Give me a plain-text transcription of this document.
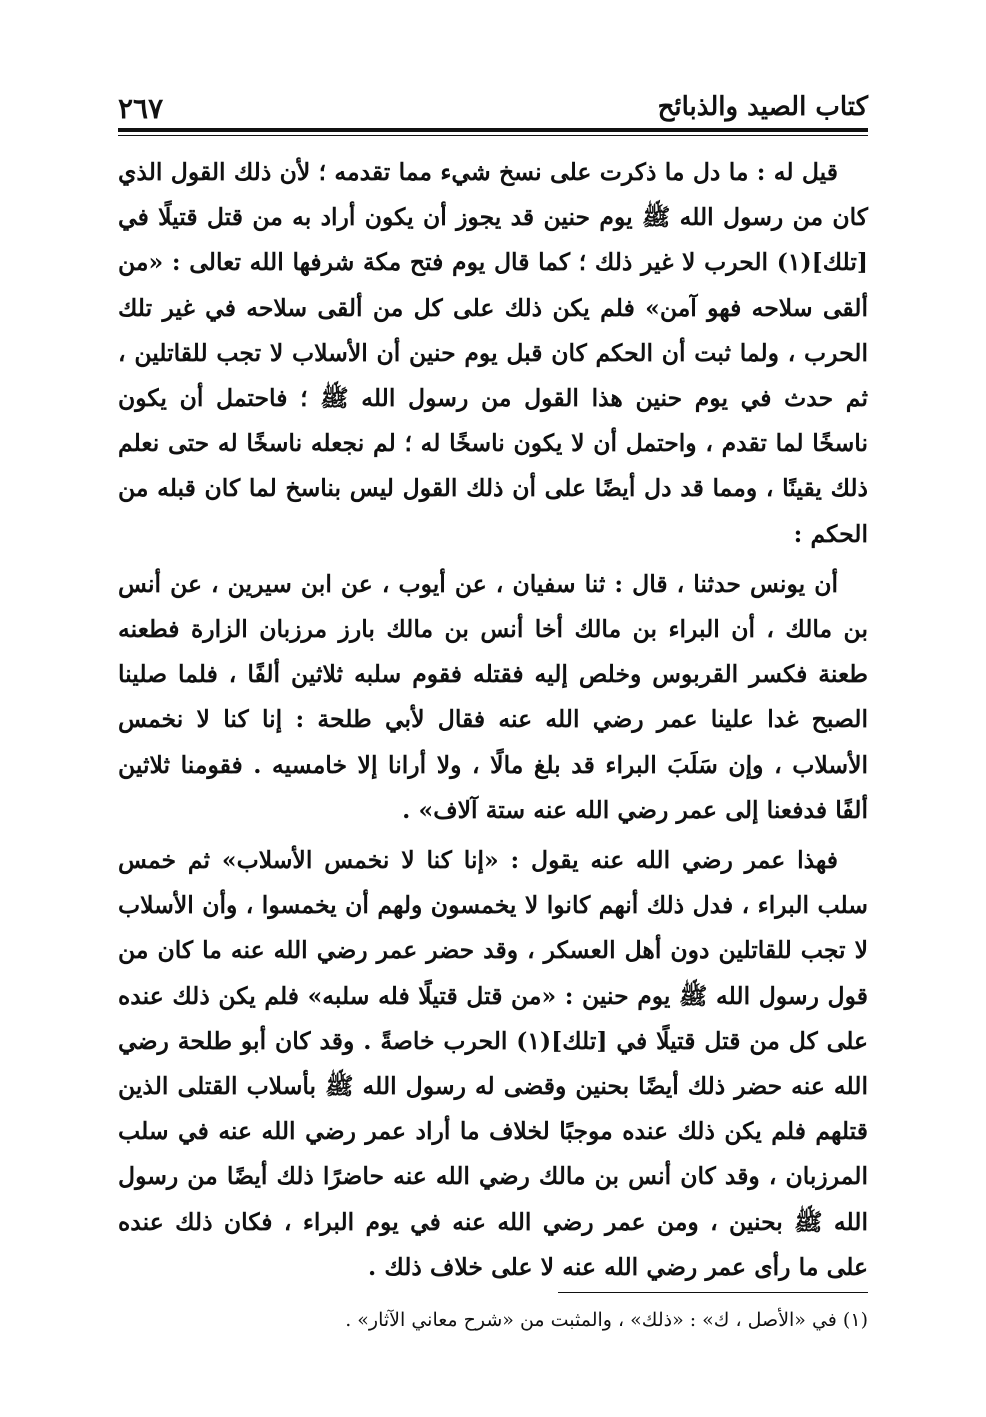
كتاب الصيد والذبائح
٢٦٧

قيل له : ما دل ما ذكرت على نسخ شيء مما تقدمه ؛ لأن ذلك القول الذي كان من رسول الله ﷺ يوم حنين قد يجوز أن يكون أراد به من قتل قتيلًا في [تلك](١) الحرب لا غير ذلك ؛ كما قال يوم فتح مكة شرفها الله تعالى : «من ألقى سلاحه فهو آمن» فلم يكن ذلك على كل من ألقى سلاحه في غير تلك الحرب ، ولما ثبت أن الحكم كان قبل يوم حنين أن الأسلاب لا تجب للقاتلين ، ثم حدث في يوم حنين هذا القول من رسول الله ﷺ ؛ فاحتمل أن يكون ناسخًا لما تقدم ، واحتمل أن لا يكون ناسخًا له ؛ لم نجعله ناسخًا له حتى نعلم ذلك يقينًا ، ومما قد دل أيضًا على أن ذلك القول ليس بناسخ لما كان قبله من الحكم :

أن يونس حدثنا ، قال : ثنا سفيان ، عن أيوب ، عن ابن سيرين ، عن أنس بن مالك ، أن البراء بن مالك أخا أنس بن مالك بارز مرزبان الزارة فطعنه طعنة فكسر القربوس وخلص إليه فقتله فقوم سلبه ثلاثين ألفًا ، فلما صلينا الصبح غدا علينا عمر رضي الله عنه فقال لأبي طلحة : إنا كنا لا نخمس الأسلاب ، وإن سَلَبَ البراء قد بلغ مالًا ، ولا أرانا إلا خامسيه . فقومنا ثلاثين ألفًا فدفعنا إلى عمر رضي الله عنه ستة آلاف» .

فهذا عمر رضي الله عنه يقول : «إنا كنا لا نخمس الأسلاب» ثم خمس سلب البراء ، فدل ذلك أنهم كانوا لا يخمسون ولهم أن يخمسوا ، وأن الأسلاب لا تجب للقاتلين دون أهل العسكر ، وقد حضر عمر رضي الله عنه ما كان من قول رسول الله ﷺ يوم حنين : «من قتل قتيلًا فله سلبه» فلم يكن ذلك عنده على كل من قتل قتيلًا في [تلك](١) الحرب خاصةً . وقد كان أبو طلحة رضي الله عنه حضر ذلك أيضًا بحنين وقضى له رسول الله ﷺ بأسلاب القتلى الذين قتلهم فلم يكن ذلك عنده موجبًا لخلاف ما أراد عمر رضي الله عنه في سلب المرزبان ، وقد كان أنس بن مالك رضي الله عنه حاضرًا ذلك أيضًا من رسول الله ﷺ بحنين ، ومن عمر رضي الله عنه في يوم البراء ، فكان ذلك عنده على ما رأى عمر رضي الله عنه لا على خلاف ذلك .

(١) في «الأصل ، ك» : «ذلك» ، والمثبت من «شرح معاني الآثار» .
